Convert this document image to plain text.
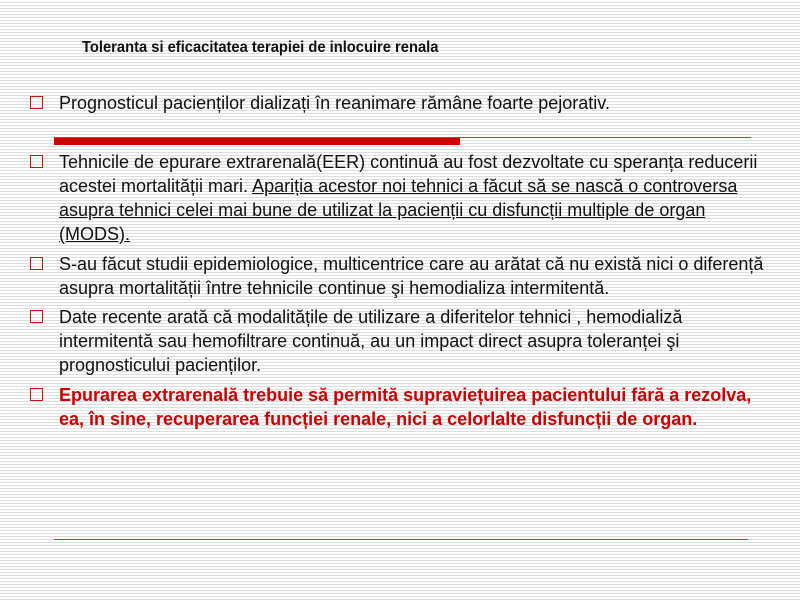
Toleranta si eficacitatea terapiei de inlocuire renala
Prognosticul pacienților dializați în reanimare rămâne foarte pejorativ.
Tehnicile de epurare extrarenală(EER) continuă au fost dezvoltate cu speranța reducerii acestei mortalității mari. Apariția acestor noi tehnici a făcut să se nască o controversa asupra tehnici celei mai bune de utilizat la pacienții cu disfuncții multiple de organ (MODS).
S-au făcut studii epidemiologice, multicentrice care au arătat că nu există nici o diferență asupra mortalității între tehnicile continue şi hemodializa intermitentă.
Date recente arată că modalitățile de utilizare a diferitelor tehnici , hemodializă intermitentă sau hemofiltrare continuă, au un impact direct asupra toleranței şi prognosticului pacienților.
Epurarea extrarenală trebuie să permită supraviețuirea pacientului fără a rezolva, ea, în sine, recuperarea funcției renale, nici a celorlalte disfuncții de organ.
